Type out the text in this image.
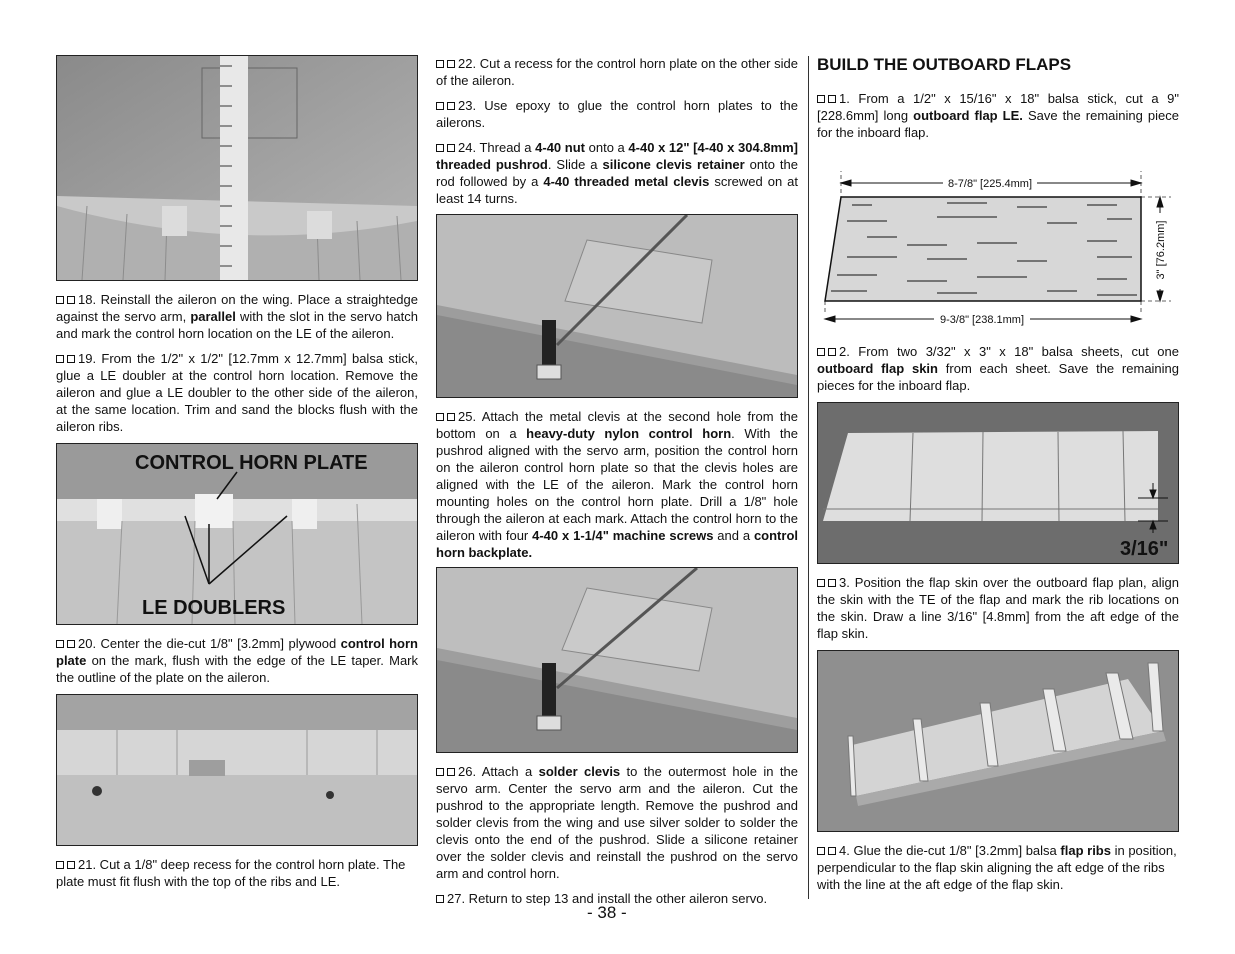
18. Reinstall the aileron on the wing. Place a straightedge against the servo arm, parallel with the slot in the servo hatch and mark the control horn location on the LE of the aileron.

19. From the 1/2" x 1/2" [12.7mm x 12.7mm] balsa stick, glue a LE doubler at the control horn location. Remove the aileron and glue a LE doubler to the other side of the aileron, at the same location. Trim and sand the blocks flush with the aileron ribs.

CONTROL HORN PLATE
LE DOUBLERS

20. Center the die-cut 1/8" [3.2mm] plywood control horn plate on the mark, flush with the edge of the LE taper. Mark the outline of the plate on the aileron.

21. Cut a 1/8" deep recess for the control horn plate. The plate must fit flush with the top of the ribs and LE.

22. Cut a recess for the control horn plate on the other side of the aileron.

23. Use epoxy to glue the control horn plates to the ailerons.

24. Thread a 4-40 nut onto a 4-40 x 12" [4-40 x 304.8mm] threaded pushrod. Slide a silicone clevis retainer onto the rod followed by a 4-40 threaded metal clevis screwed on at least 14 turns.

25. Attach the metal clevis at the second hole from the bottom on a heavy-duty nylon control horn. With the pushrod aligned with the servo arm, position the control horn on the aileron control horn plate so that the clevis holes are aligned with the LE of the aileron. Mark the control horn mounting holes on the control horn plate. Drill a 1/8" hole through the aileron at each mark. Attach the control horn to the aileron with four 4-40 x 1-1/4" machine screws and a control horn backplate.

26. Attach a solder clevis to the outermost hole in the servo arm. Center the servo arm and the aileron. Cut the pushrod to the appropriate length. Remove the pushrod and solder clevis from the wing and use silver solder to solder the clevis onto the end of the pushrod. Slide a silicone retainer over the solder clevis and reinstall the pushrod on the servo arm and control horn.

27. Return to step 13 and install the other aileron servo.

BUILD THE OUTBOARD FLAPS

1. From a 1/2" x 15/16" x 18" balsa stick, cut a 9" [228.6mm] long outboard flap LE. Save the remaining piece for the inboard flap.

8-7/8" [225.4mm]
9-3/8" [238.1mm]
3" [76.2mm]

2. From two 3/32" x 3" x 18" balsa sheets, cut one outboard flap skin from each sheet. Save the remaining pieces for the inboard flap.

3/16"

3. Position the flap skin over the outboard flap plan, align the skin with the TE of the flap and mark the rib locations on the skin. Draw a line 3/16" [4.8mm] from the aft edge of the flap skin.

4. Glue the die-cut 1/8" [3.2mm] balsa flap ribs in position, perpendicular to the flap skin aligning the aft edge of the ribs with the line at the aft edge of the flap skin.

- 38 -
